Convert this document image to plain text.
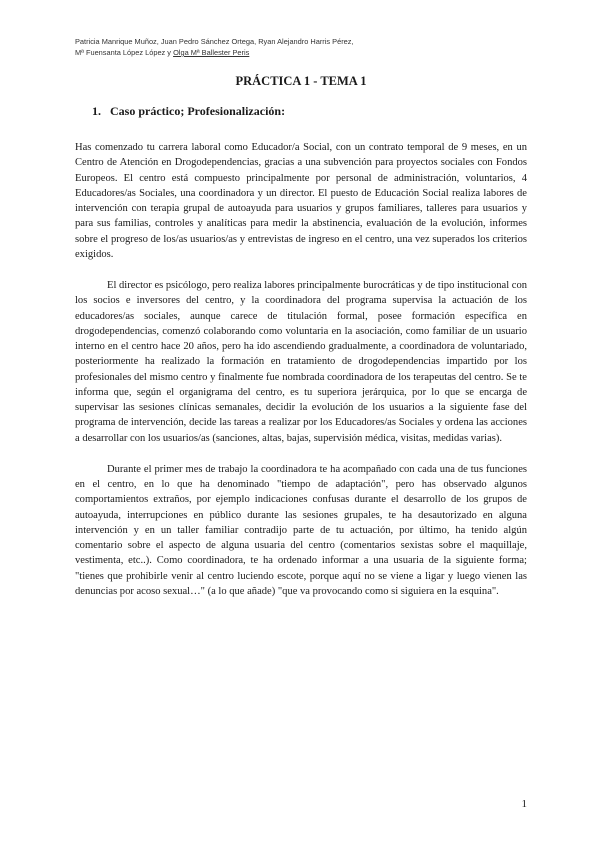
Patricia Manrique Muñoz, Juan Pedro Sánchez Ortega, Ryan Alejandro Harris Pérez,
Mª Fuensanta López López y Olga Mª Ballester Peris
PRÁCTICA 1 - TEMA 1
1. Caso práctico; Profesionalización:

Has comenzado tu carrera laboral como Educador/a Social, con un contrato temporal de 9 meses, en un Centro de Atención en Drogodependencias, gracias a una subvención para proyectos sociales con Fondos Europeos. El centro está compuesto principalmente por personal de administración, voluntarios, 4 Educadores/as Sociales, una coordinadora y un director. El puesto de Educación Social realiza labores de intervención con terapia grupal de autoayuda para usuarios y grupos familiares, talleres para usuarios y para sus familias, controles y analíticas para medir la abstinencia, evaluación de la evolución, informes sobre el progreso de los/as usuarios/as y entrevistas de ingreso en el centro, una vez superados los criterios exigidos.

El director es psicólogo, pero realiza labores principalmente burocráticas y de tipo institucional con los socios e inversores del centro, y la coordinadora del programa supervisa la actuación de los educadores/as sociales, aunque carece de titulación formal, posee formación específica en drogodependencias, comenzó colaborando como voluntaria en la asociación, como familiar de un usuario interno en el centro hace 20 años, pero ha ido ascendiendo gradualmente, a coordinadora de voluntariado, posteriormente ha realizado la formación en tratamiento de drogodependencias impartido por los profesionales del mismo centro y finalmente fue nombrada coordinadora de los terapeutas del centro. Se te informa que, según el organigrama del centro, es tu superiora jerárquica, por lo que se encarga de supervisar las sesiones clínicas semanales, decidir la evolución de los usuarios a la siguiente fase del programa de intervención, decide las tareas a realizar por los Educadores/as Sociales y ordena las acciones a desarrollar con los usuarios/as (sanciones, altas, bajas, supervisión médica, visitas, medidas varias).

Durante el primer mes de trabajo la coordinadora te ha acompañado con cada una de tus funciones en el centro, en lo que ha denominado "tiempo de adaptación", pero has observado algunos comportamientos extraños, por ejemplo indicaciones confusas durante el desarrollo de los grupos de autoayuda, interrupciones en público durante las sesiones grupales, te ha desautorizado en alguna intervención y en un taller familiar contradijo parte de tu actuación, por último, ha tenido algún comentario sobre el aspecto de alguna usuaria del centro (comentarios sexistas sobre el maquillaje, vestimenta, etc..). Como coordinadora, te ha ordenado informar a una usuaria de la siguiente forma; "tienes que prohibirle venir al centro luciendo escote, porque aquí no se viene a ligar y luego vienen las denuncias por acoso sexual…" (a lo que añade) "que va provocando como si siguiera en la esquina".

1
